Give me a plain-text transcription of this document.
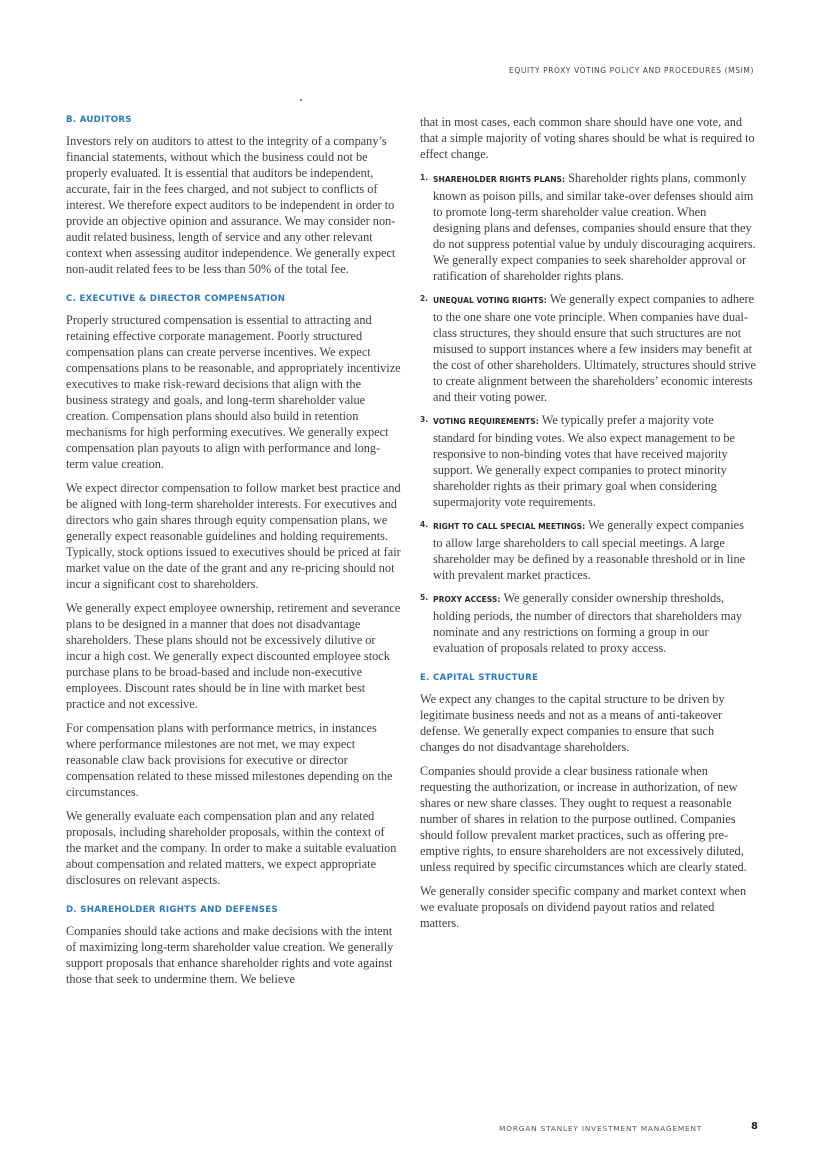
EQUITY PROXY VOTING POLICY AND PROCEDURES (MSIM)
B. AUDITORS

Investors rely on auditors to attest to the integrity of a company’s financial statements, without which the business could not be properly evaluated. It is essential that auditors be independent, accurate, fair in the fees charged, and not subject to conflicts of interest. We therefore expect auditors to be independent in order to provide an objective opinion and assurance. We may consider non-audit related business, length of service and any other relevant context when assessing auditor independence. We generally expect non-audit related fees to be less than 50% of the total fee.

C. EXECUTIVE & DIRECTOR COMPENSATION

Properly structured compensation is essential to attracting and retaining effective corporate management. Poorly structured compensation plans can create perverse incentives. We expect compensations plans to be reasonable, and appropriately incentivize executives to make risk-reward decisions that align with the business strategy and goals, and long-term shareholder value creation. Compensation plans should also build in retention mechanisms for high performing executives. We generally expect compensation plan payouts to align with performance and long-term value creation.

We expect director compensation to follow market best practice and be aligned with long-term shareholder interests. For executives and directors who gain shares through equity compensation plans, we generally expect reasonable guidelines and holding requirements. Typically, stock options issued to executives should be priced at fair market value on the date of the grant and any re-pricing should not incur a significant cost to shareholders.

We generally expect employee ownership, retirement and severance plans to be designed in a manner that does not disadvantage shareholders. These plans should not be excessively dilutive or incur a high cost. We generally expect discounted employee stock purchase plans to be broad-based and include non-executive employees. Discount rates should be in line with market best practice and not excessive.

For compensation plans with performance metrics, in instances where performance milestones are not met, we may expect reasonable claw back provisions for executive or director compensation related to these missed milestones depending on the circumstances.

We generally evaluate each compensation plan and any related proposals, including shareholder proposals, within the context of the market and the company. In order to make a suitable evaluation about compensation and related matters, we expect appropriate disclosures on relevant aspects.

D. SHAREHOLDER RIGHTS AND DEFENSES

Companies should take actions and make decisions with the intent of maximizing long-term shareholder value creation. We generally support proposals that enhance shareholder rights and vote against those that seek to undermine them. We believe

that in most cases, each common share should have one vote, and that a simple majority of voting shares should be what is required to effect change.

1. SHAREHOLDER RIGHTS PLANS: Shareholder rights plans, commonly known as poison pills, and similar take-over defenses should aim to promote long-term shareholder value creation. When designing plans and defenses, companies should ensure that they do not suppress potential value by unduly discouraging acquirers. We generally expect companies to seek shareholder approval or ratification of shareholder rights plans.
2. UNEQUAL VOTING RIGHTS: We generally expect companies to adhere to the one share one vote principle. When companies have dual-class structures, they should ensure that such structures are not misused to support instances where a few insiders may benefit at the cost of other shareholders. Ultimately, structures should strive to create alignment between the shareholders’ economic interests and their voting power.
3. VOTING REQUIREMENTS: We typically prefer a majority vote standard for binding votes. We also expect management to be responsive to non-binding votes that have received majority support. We generally expect companies to protect minority shareholder rights as their primary goal when considering supermajority vote requirements.
4. RIGHT TO CALL SPECIAL MEETINGS: We generally expect companies to allow large shareholders to call special meetings. A large shareholder may be defined by a reasonable threshold or in line with prevalent market practices.
5. PROXY ACCESS: We generally consider ownership thresholds, holding periods, the number of directors that shareholders may nominate and any restrictions on forming a group in our evaluation of proposals related to proxy access.
E. CAPITAL STRUCTURE

We expect any changes to the capital structure to be driven by legitimate business needs and not as a means of anti-takeover defense. We generally expect companies to ensure that such changes do not disadvantage shareholders.

Companies should provide a clear business rationale when requesting the authorization, or increase in authorization, of new shares or new share classes. They ought to request a reasonable number of shares in relation to the purpose outlined. Companies should follow prevalent market practices, such as offering pre-emptive rights, to ensure shareholders are not excessively diluted, unless required by specific circumstances which are clearly stated.

We generally consider specific company and market context when we evaluate proposals on dividend payout ratios and related matters.

MORGAN STANLEY INVESTMENT MANAGEMENT	8
